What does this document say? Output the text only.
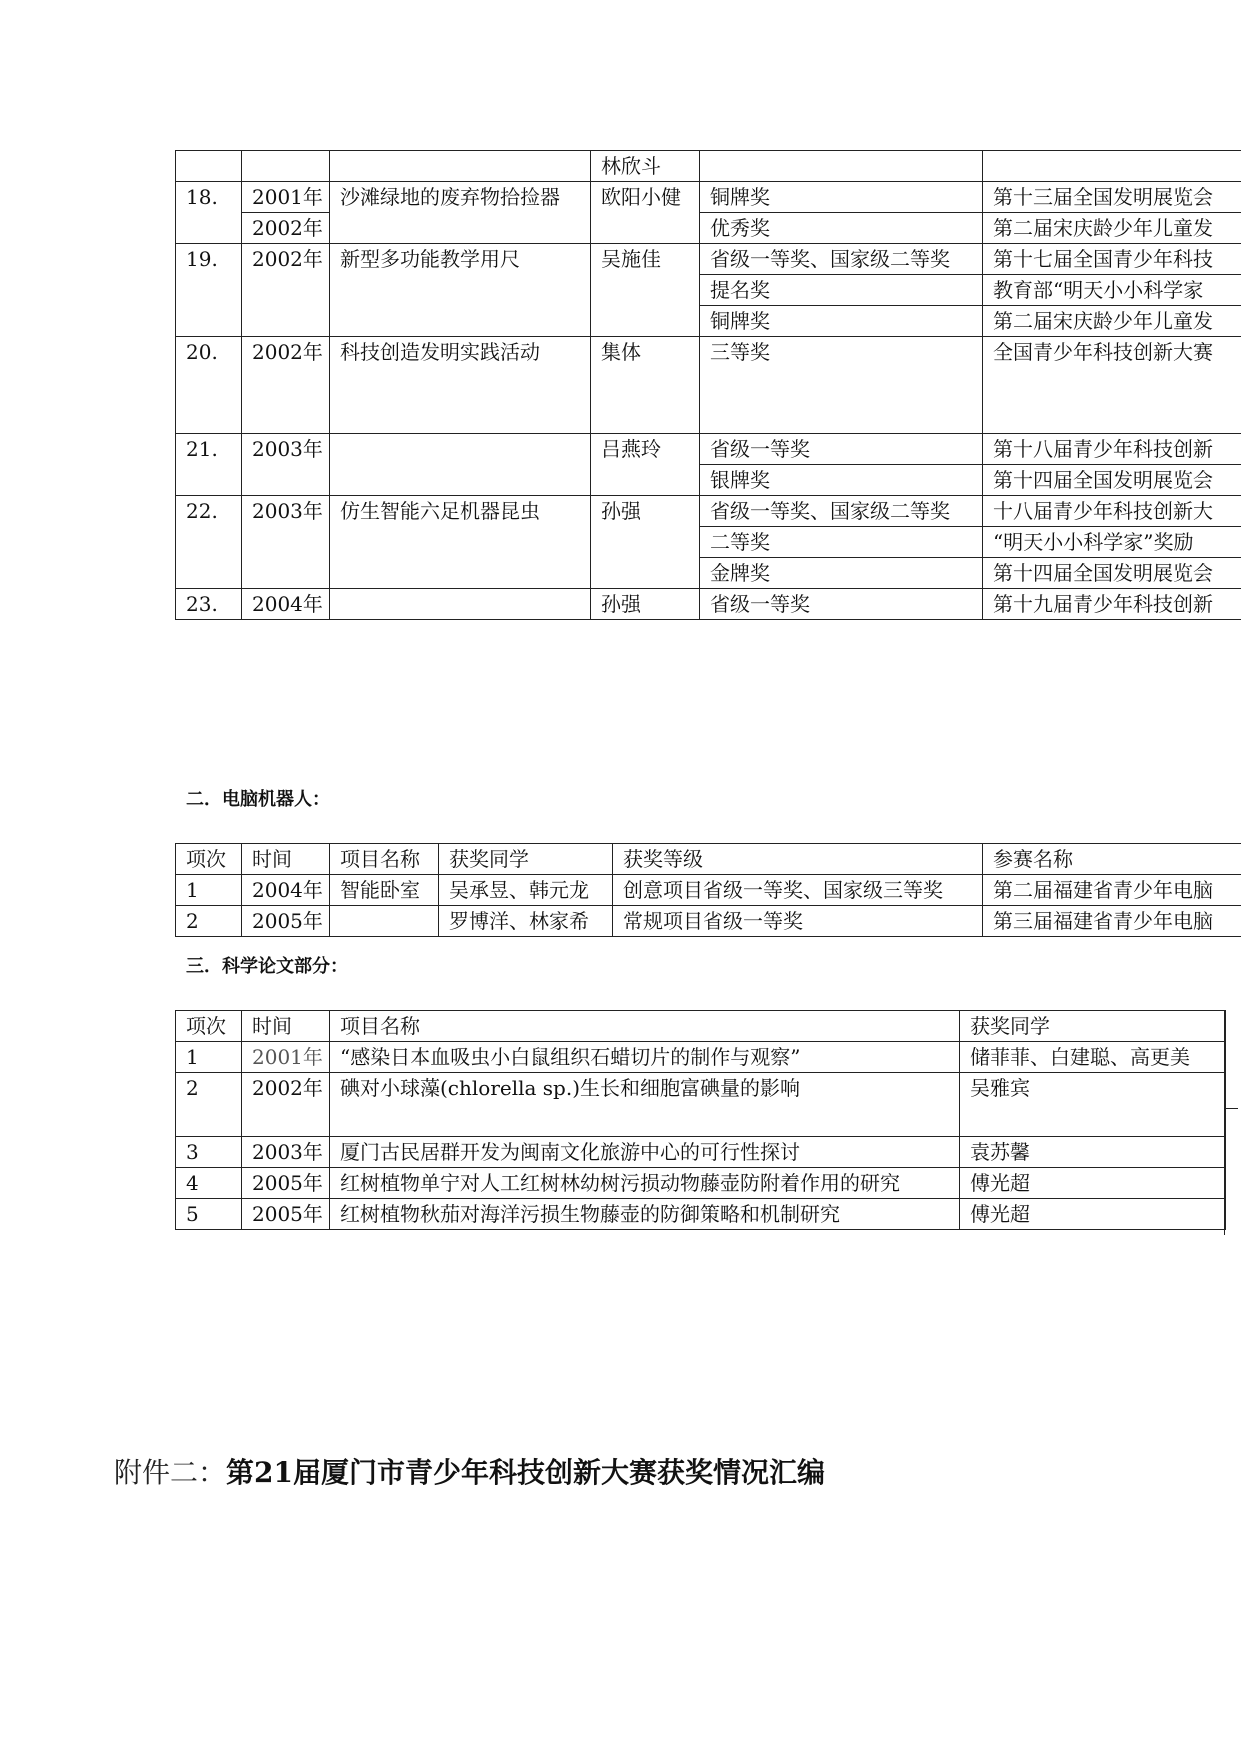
			林欣斗		
18.	2001年	沙滩绿地的废弃物拾捡器	欧阳小健	铜牌奖	第十三届全国发明展览会
	2002年			优秀奖	第二届宋庆龄少年儿童发
19.	2002年	新型多功能教学用尺	吴施佳	省级一等奖、国家级二等奖	第十七届全国青少年科技
				提名奖	教育部“明天小小科学家
				铜牌奖	第二届宋庆龄少年儿童发
20.	2002年	科技创造发明实践活动	集体	三等奖	全国青少年科技创新大赛
21.	2003年		吕燕玲	省级一等奖	第十八届青少年科技创新
				银牌奖	第十四届全国发明展览会
22.	2003年	仿生智能六足机器昆虫	孙强	省级一等奖、国家级二等奖	十八届青少年科技创新大
				二等奖	“明天小小科学家”奖励
				金牌奖	第十四届全国发明展览会
23.	2004年		孙强	省级一等奖	第十九届青少年科技创新
二．电脑机器人：
项次	时间	项目名称	获奖同学	获奖等级	参赛名称
1	2004年	智能卧室	吴承昱、韩元龙	创意项目省级一等奖、国家级三等奖	第二届福建省青少年电脑
2	2005年		罗博洋、林家希	常规项目省级一等奖	第三届福建省青少年电脑
三．科学论文部分：
项次	时间	项目名称	获奖同学
1	2001年	“感染日本血吸虫小白鼠组织石蜡切片的制作与观察”	储菲菲、白建聪、高更美
2	2002年	碘对小球藻(chlorella sp.)生长和细胞富碘量的影响	吴雅宾
3	2003年	厦门古民居群开发为闽南文化旅游中心的可行性探讨	袁苏馨
4	2005年	红树植物单宁对人工红树林幼树污损动物藤壶防附着作用的研究	傅光超
5	2005年	红树植物秋茄对海洋污损生物藤壶的防御策略和机制研究	傅光超
附件二：第21届厦门市青少年科技创新大赛获奖情况汇编
